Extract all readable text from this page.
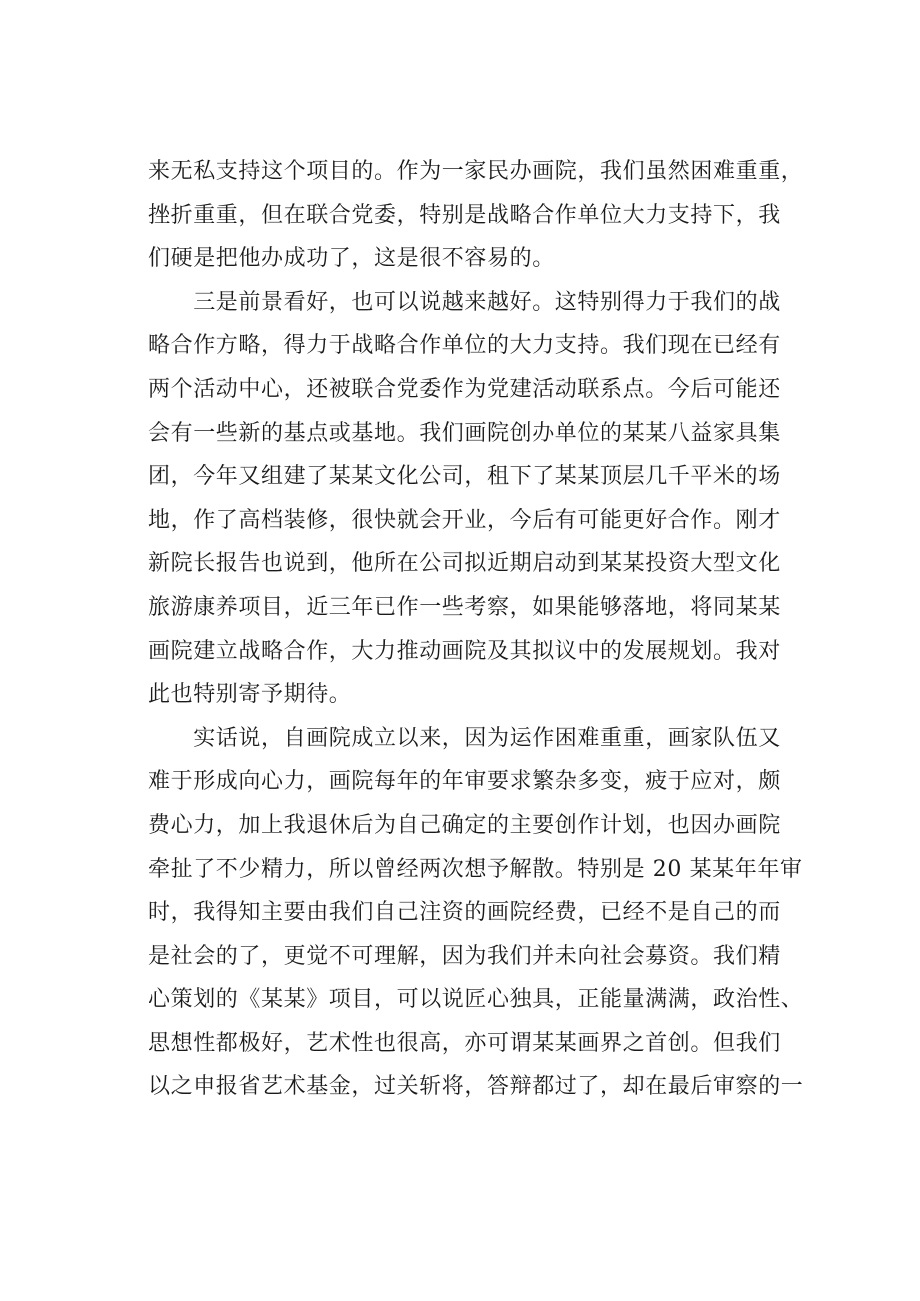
来无私支持这个项目的。作为一家民办画院，我们虽然困难重重，
挫折重重，但在联合党委，特别是战略合作单位大力支持下，我
们硬是把他办成功了，这是很不容易的。
　　三是前景看好，也可以说越来越好。这特别得力于我们的战
略合作方略，得力于战略合作单位的大力支持。我们现在已经有
两个活动中心，还被联合党委作为党建活动联系点。今后可能还
会有一些新的基点或基地。我们画院创办单位的某某八益家具集
团，今年又组建了某某文化公司，租下了某某顶层几千平米的场
地，作了高档装修，很快就会开业，今后有可能更好合作。刚才
新院长报告也说到，他所在公司拟近期启动到某某投资大型文化
旅游康养项目，近三年已作一些考察，如果能够落地，将同某某
画院建立战略合作，大力推动画院及其拟议中的发展规划。我对
此也特别寄予期待。
　　实话说，自画院成立以来，因为运作困难重重，画家队伍又
难于形成向心力，画院每年的年审要求繁杂多变，疲于应对，颇
费心力，加上我退休后为自己确定的主要创作计划，也因办画院
牵扯了不少精力，所以曾经两次想予解散。特别是 20 某某年年审
时，我得知主要由我们自己注资的画院经费，已经不是自己的而
是社会的了，更觉不可理解，因为我们并未向社会募资。我们精
心策划的《某某》项目，可以说匠心独具，正能量满满，政治性、
思想性都极好，艺术性也很高，亦可谓某某画界之首创。但我们
以之申报省艺术基金，过关斩将，答辩都过了，却在最后审察的一
